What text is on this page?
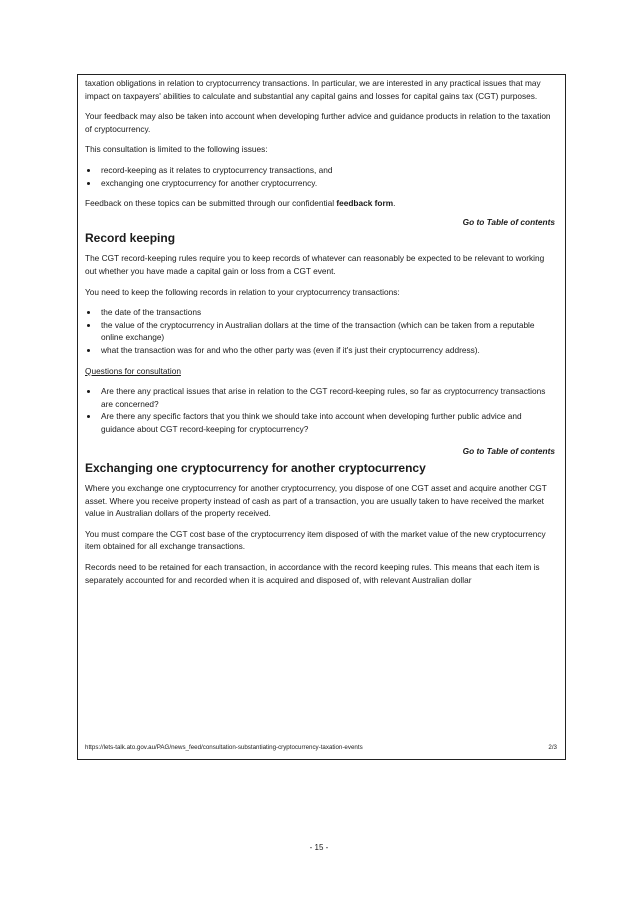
taxation obligations in relation to cryptocurrency transactions. In particular, we are interested in any practical issues that may impact on taxpayers' abilities to calculate and substantial any capital gains and losses for capital gains tax (CGT) purposes.

Your feedback may also be taken into account when developing further advice and guidance products in relation to the taxation of cryptocurrency.

This consultation is limited to the following issues:

• record-keeping as it relates to cryptocurrency transactions, and
• exchanging one cryptocurrency for another cryptocurrency.

Feedback on these topics can be submitted through our confidential feedback form.

Go to Table of contents
Record keeping

The CGT record-keeping rules require you to keep records of whatever can reasonably be expected to be relevant to working out whether you have made a capital gain or loss from a CGT event.

You need to keep the following records in relation to your cryptocurrency transactions:

• the date of the transactions
• the value of the cryptocurrency in Australian dollars at the time of the transaction (which can be taken from a reputable online exchange)
• what the transaction was for and who the other party was (even if it's just their cryptocurrency address).

Questions for consultation

• Are there any practical issues that arise in relation to the CGT record-keeping rules, so far as cryptocurrency transactions are concerned?
• Are there any specific factors that you think we should take into account when developing further public advice and guidance about CGT record-keeping for cryptocurrency?
Go to Table of contents
Exchanging one cryptocurrency for another cryptocurrency

Where you exchange one cryptocurrency for another cryptocurrency, you dispose of one CGT asset and acquire another CGT asset. Where you receive property instead of cash as part of a transaction, you are usually taken to have received the market value in Australian dollars of the property received.

You must compare the CGT cost base of the cryptocurrency item disposed of with the market value of the new cryptocurrency item obtained for all exchange transactions.

Records need to be retained for each transaction, in accordance with the record keeping rules. This means that each item is separately accounted for and recorded when it is acquired and disposed of, with relevant Australian dollar

https://lets-talk.ato.gov.au/PAG/news_feed/consultation-substantiating-cryptocurrency-taxation-events	2/3
- 15 -
